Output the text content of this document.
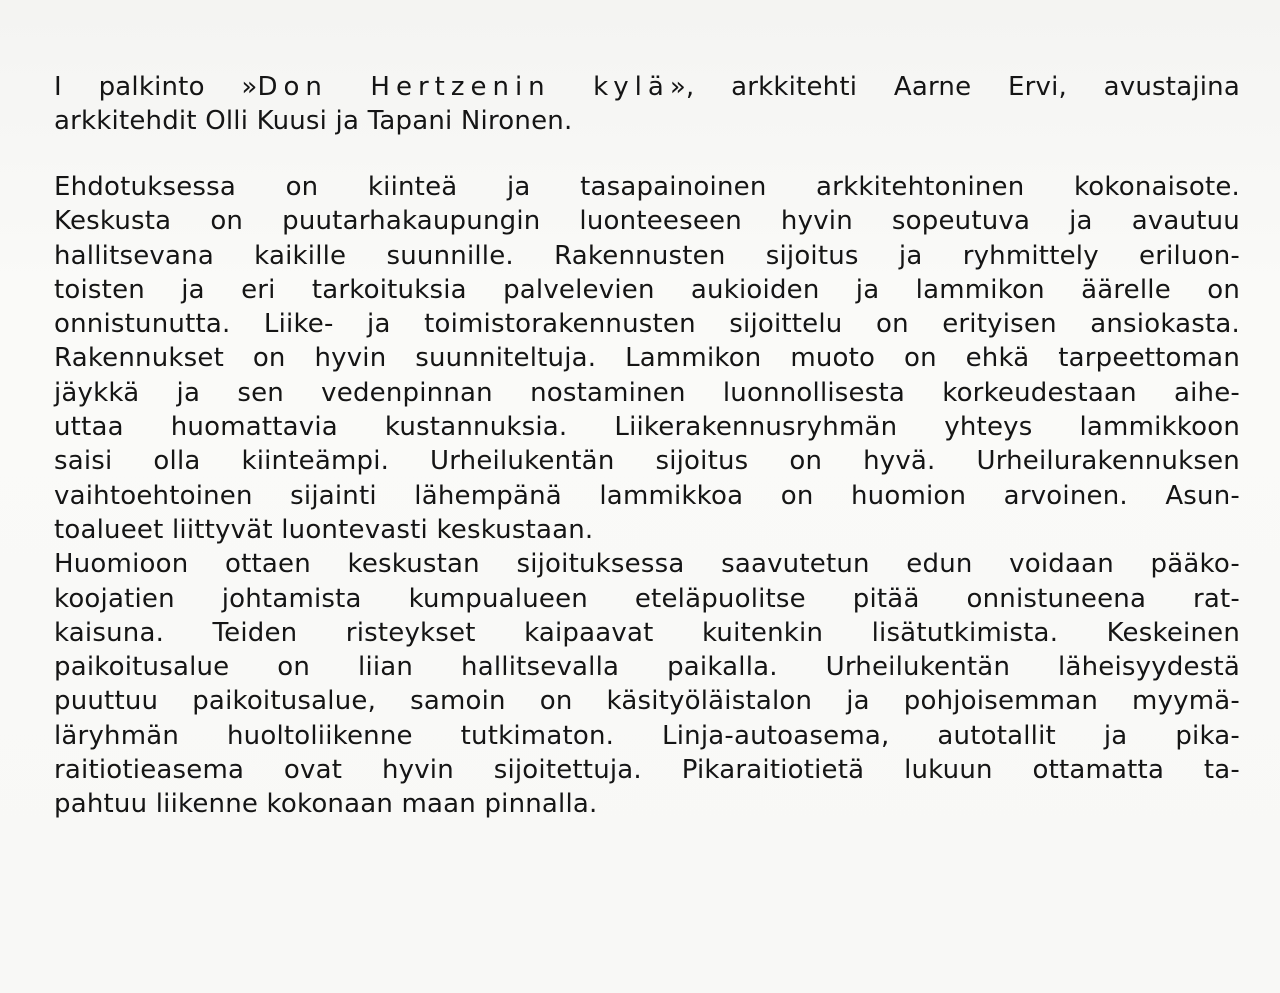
I palkinto »Don Hertzenin kylä», arkkitehti Aarne Ervi, avustajina
arkkitehdit Olli Kuusi ja Tapani Nironen.
Ehdotuksessa on kiinteä ja tasapainoinen arkkitehtoninen kokonaisote.
Keskusta on puutarhakaupungin luonteeseen hyvin sopeutuva ja avautuu
hallitsevana kaikille suunnille. Rakennusten sijoitus ja ryhmittely eriluon-
toisten ja eri tarkoituksia palvelevien aukioiden ja lammikon äärelle on
onnistunutta. Liike- ja toimistorakennusten sijoittelu on erityisen ansiokasta.
Rakennukset on hyvin suunniteltuja. Lammikon muoto on ehkä tarpeettoman
jäykkä ja sen vedenpinnan nostaminen luonnollisesta korkeudestaan aihe-
uttaa huomattavia kustannuksia. Liikerakennusryhmän yhteys lammikkoon
saisi olla kiinteämpi. Urheilukentän sijoitus on hyvä. Urheilurakennuksen
vaihtoehtoinen sijainti lähempänä lammikkoa on huomion arvoinen. Asun-
toalueet liittyvät luontevasti keskustaan.
Huomioon ottaen keskustan sijoituksessa saavutetun edun voidaan pääko-
koojatien johtamista kumpualueen eteläpuolitse pitää onnistuneena rat-
kaisuna. Teiden risteykset kaipaavat kuitenkin lisätutkimista. Keskeinen
paikoitusalue on liian hallitsevalla paikalla. Urheilukentän läheisyydestä
puuttuu paikoitusalue, samoin on käsityöläistalon ja pohjoisemman myymä-
läryhmän huoltoliikenne tutkimaton. Linja-autoasema, autotallit ja pika-
raitiotieasema ovat hyvin sijoitettuja. Pikaraitiotietä lukuun ottamatta ta-
pahtuu liikenne kokonaan maan pinnalla.
